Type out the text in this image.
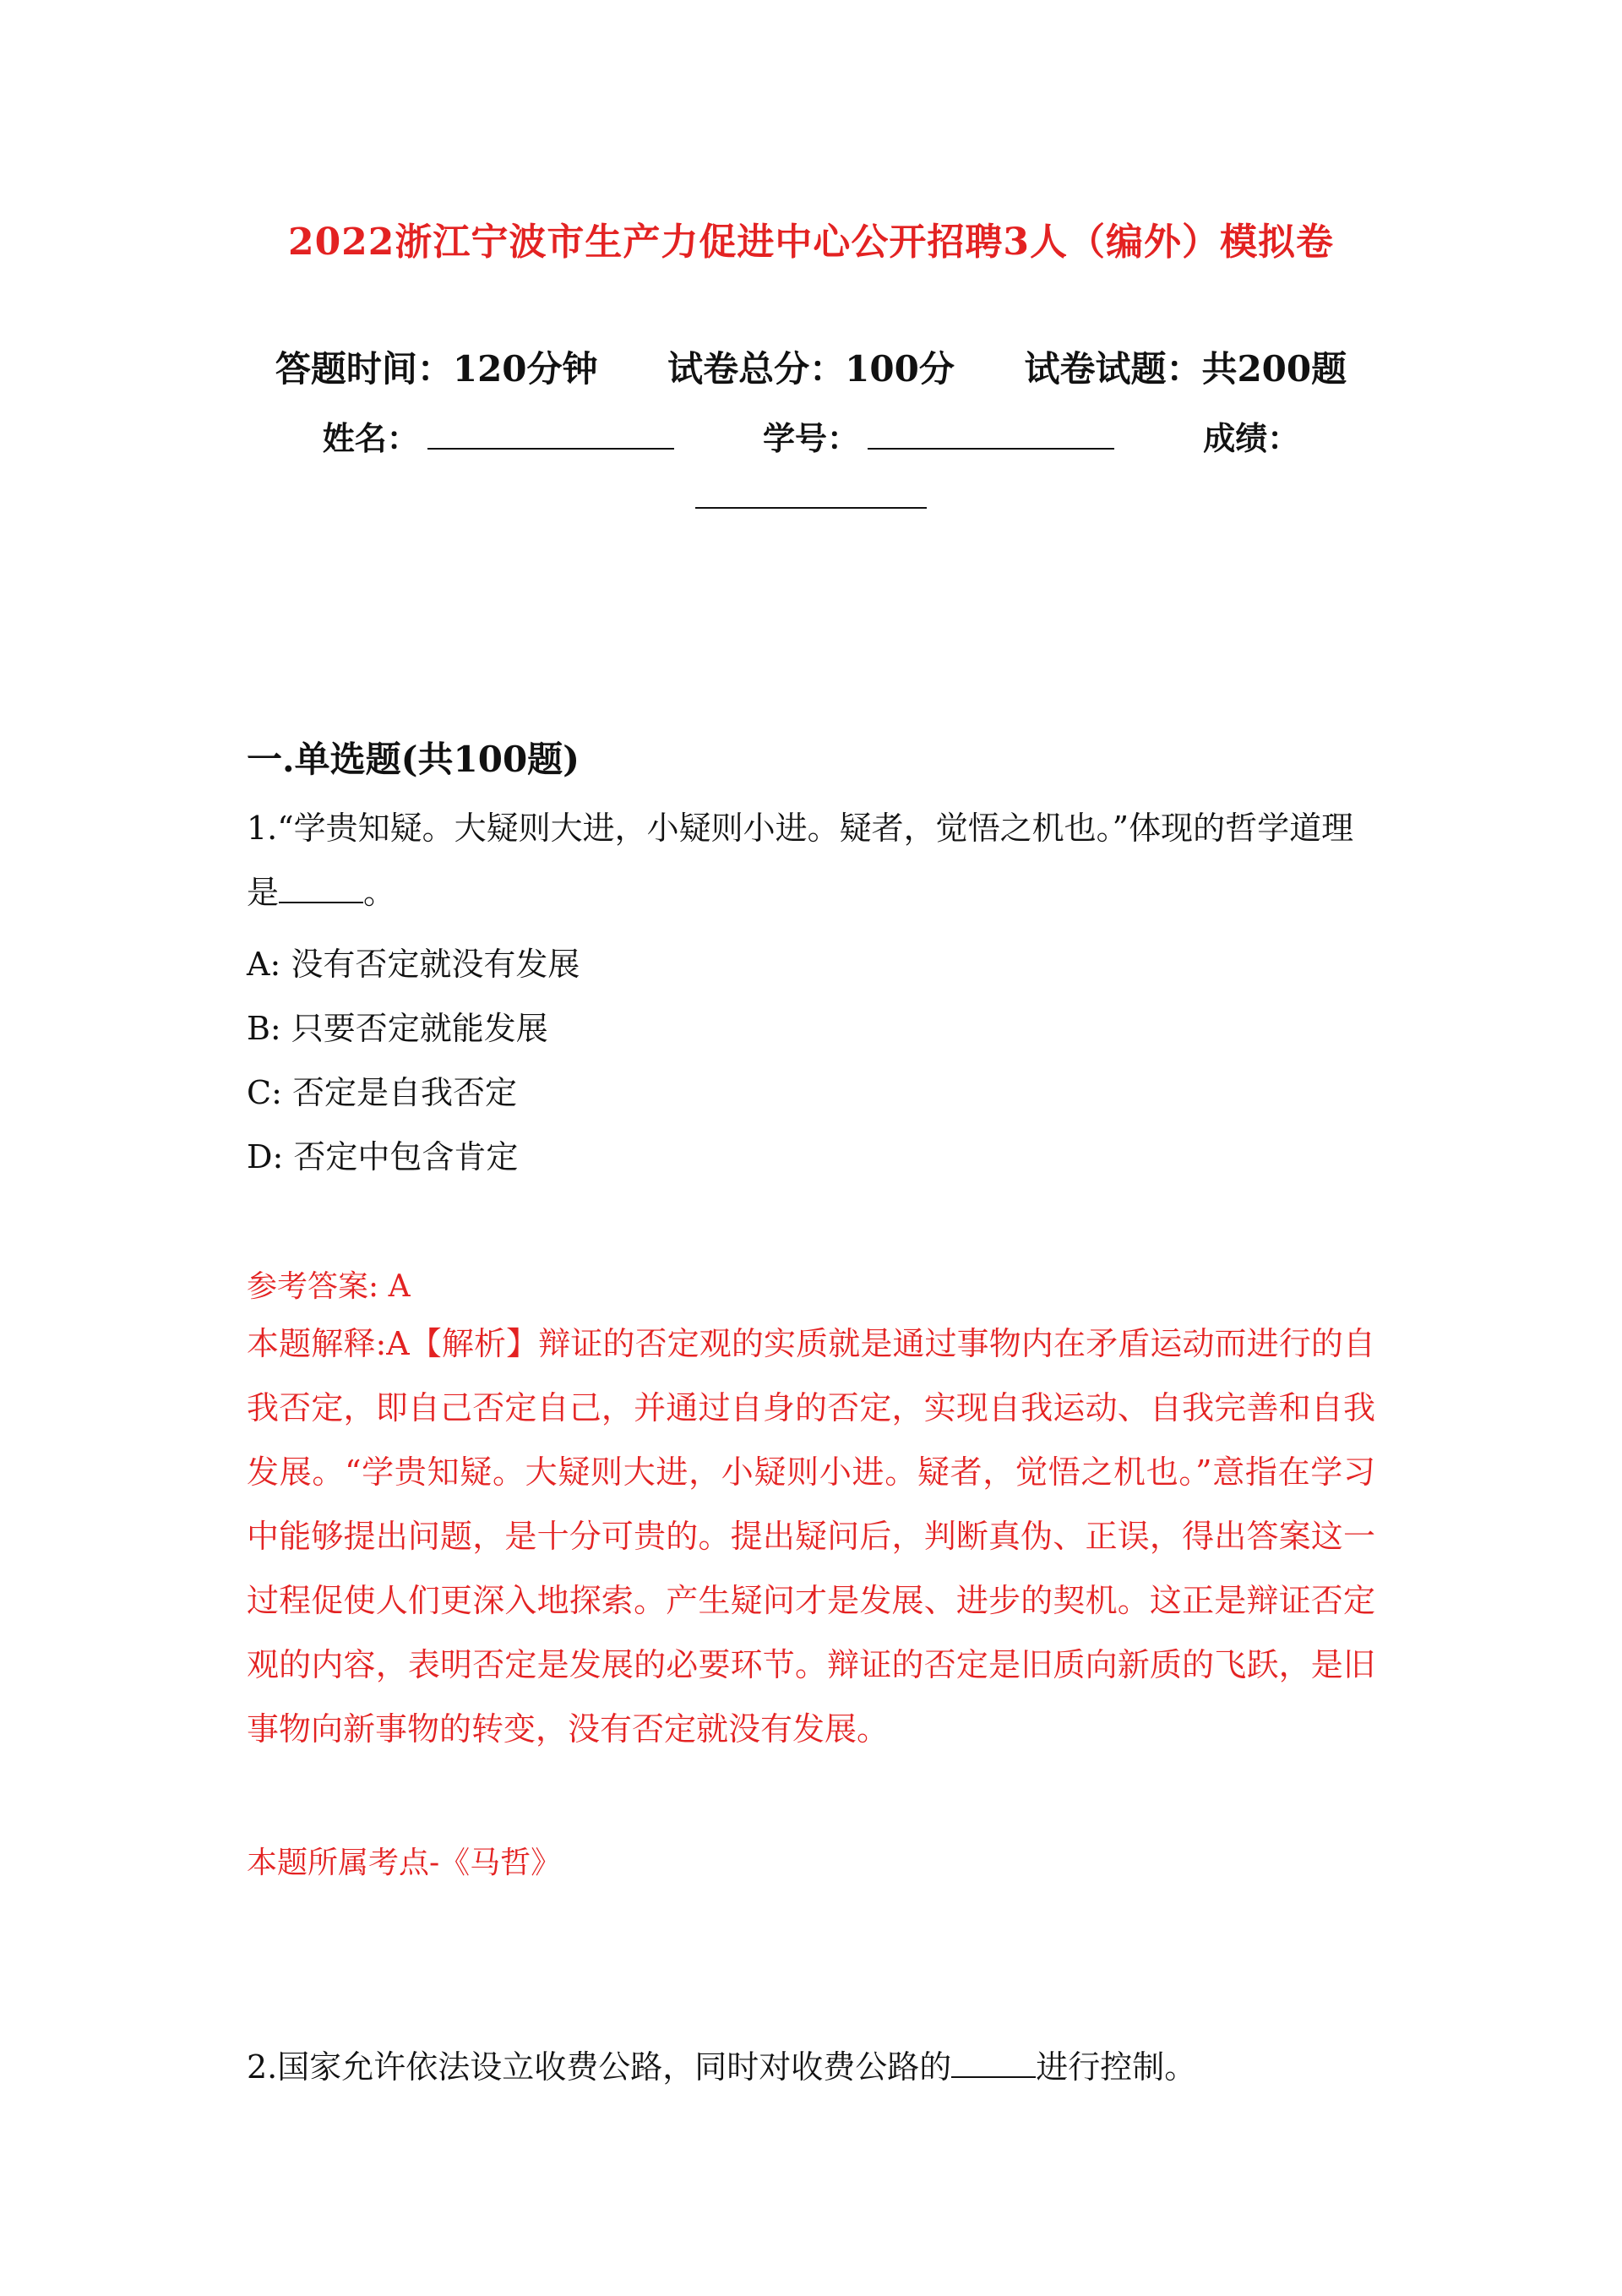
2022浙江宁波市生产力促进中心公开招聘3人（编外）模拟卷
答题时间：120分钟 试卷总分：100分 试卷试题：共200题
姓名：	学号：	成绩：
一.单选题(共100题)
1.“学贵知疑。大疑则大进，小疑则小进。疑者，觉悟之机也。”体现的哲学道理是	。
A: 没有否定就没有发展
B: 只要否定就能发展
C: 否定是自我否定
D: 否定中包含肯定
参考答案: A
本题解释:A【解析】辩证的否定观的实质就是通过事物内在矛盾运动而进行的自我否定，即自己否定自己，并通过自身的否定，实现自我运动、自我完善和自我发展。“学贵知疑。大疑则大进，小疑则小进。疑者，觉悟之机也。”意指在学习中能够提出问题，是十分可贵的。提出疑问后，判断真伪、正误，得出答案这一过程促使人们更深入地探索。产生疑问才是发展、进步的契机。这正是辩证否定观的内容，表明否定是发展的必要环节。辩证的否定是旧质向新质的飞跃，是旧事物向新事物的转变，没有否定就没有发展。
本题所属考点-《马哲》
2.国家允许依法设立收费公路，同时对收费公路的	进行控制。
